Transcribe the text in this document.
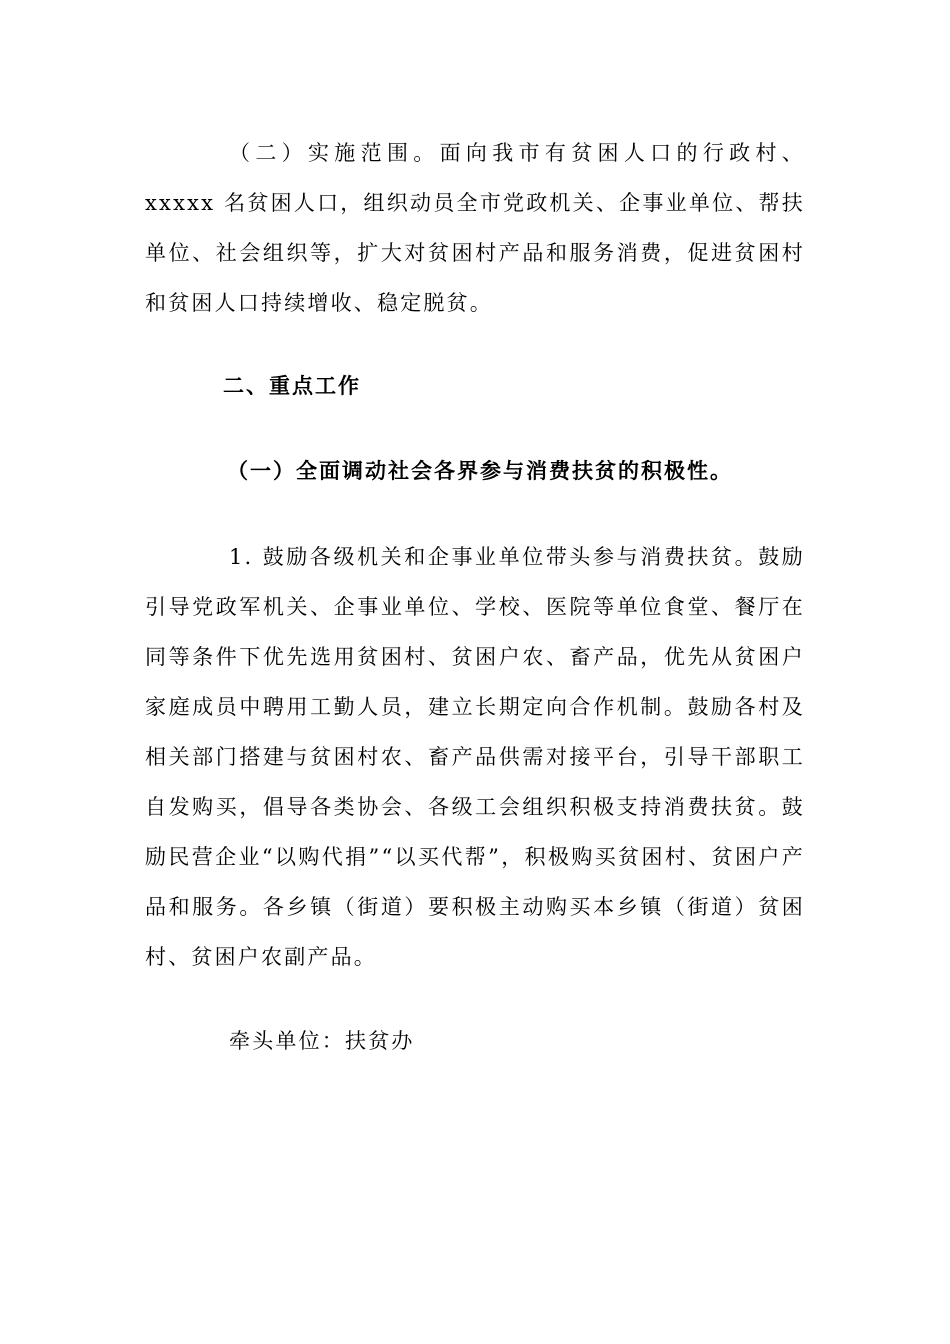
（二）实施范围。面向我市有贫困人口的行政村、xxxxx 名贫困人口，组织动员全市党政机关、企事业单位、帮扶单位、社会组织等，扩大对贫困村产品和服务消费，促进贫困村和贫困人口持续增收、稳定脱贫。

二、重点工作
（一）全面调动社会各界参与消费扶贫的积极性。

1. 鼓励各级机关和企事业单位带头参与消费扶贫。鼓励引导党政军机关、企事业单位、学校、医院等单位食堂、餐厅在同等条件下优先选用贫困村、贫困户农、畜产品，优先从贫困户家庭成员中聘用工勤人员，建立长期定向合作机制。鼓励各村及相关部门搭建与贫困村农、畜产品供需对接平台，引导干部职工自发购买，倡导各类协会、各级工会组织积极支持消费扶贫。鼓励民营企业“以购代捐”“以买代帮”，积极购买贫困村、贫困户产品和服务。各乡镇（街道）要积极主动购买本乡镇（街道）贫困村、贫困户农副产品。

牵头单位：扶贫办
